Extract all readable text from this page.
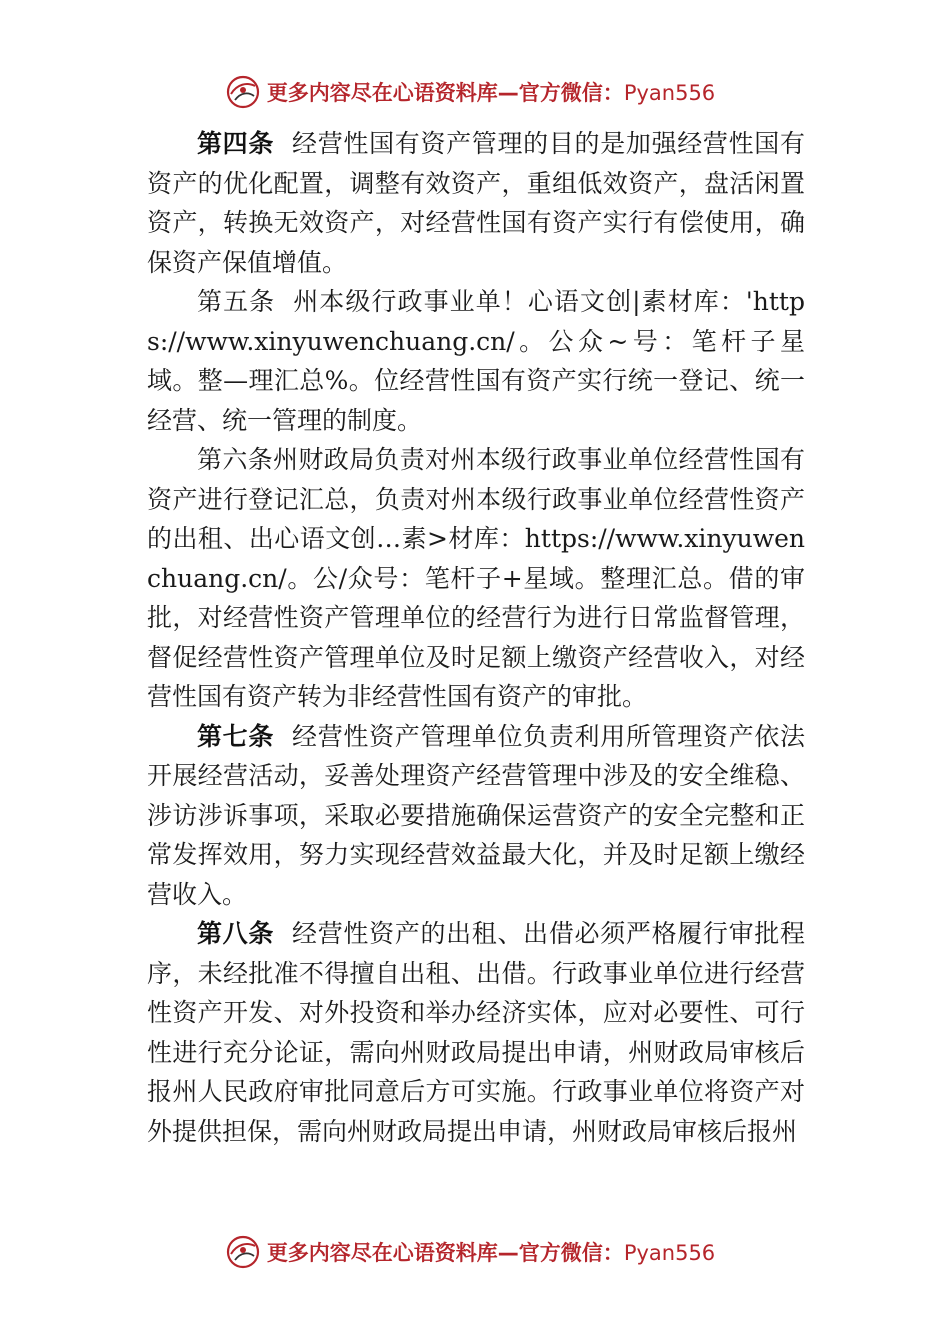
更多内容尽在心语资料库—官方微信：Pyan556

第四条 经营性国有资产管理的目的是加强经营性国有资产的优化配置，调整有效资产，重组低效资产，盘活闲置资产，转换无效资产，对经营性国有资产实行有偿使用，确保资产保值增值。

第五条 州本级行政事业单！心语文创|素材库：'https://www.xinyuwenchuang.cn/。公众~号：笔杆子星域。整—理汇总%。位经营性国有资产实行统一登记、统一经营、统一管理的制度。

第六条州财政局负责对州本级行政事业单位经营性国有资产进行登记汇总，负责对州本级行政事业单位经营性资产的出租、出心语文创…素>材库：https://www.xinyuwenchuang.cn/。公/众号：笔杆子+星域。整理汇总。借的审批，对经营性资产管理单位的经营行为进行日常监督管理，督促经营性资产管理单位及时足额上缴资产经营收入，对经营性国有资产转为非经营性国有资产的审批。

第七条 经营性资产管理单位负责利用所管理资产依法开展经营活动，妥善处理资产经营管理中涉及的安全维稳、涉访涉诉事项，采取必要措施确保运营资产的安全完整和正常发挥效用，努力实现经营效益最大化，并及时足额上缴经营收入。

第八条 经营性资产的出租、出借必须严格履行审批程序，未经批准不得擅自出租、出借。行政事业单位进行经营性资产开发、对外投资和举办经济实体，应对必要性、可行性进行充分论证，需向州财政局提出申请，州财政局审核后报州人民政府审批同意后方可实施。行政事业单位将资产对外提供担保，需向州财政局提出申请，州财政局审核后报州

更多内容尽在心语资料库—官方微信：Pyan556
